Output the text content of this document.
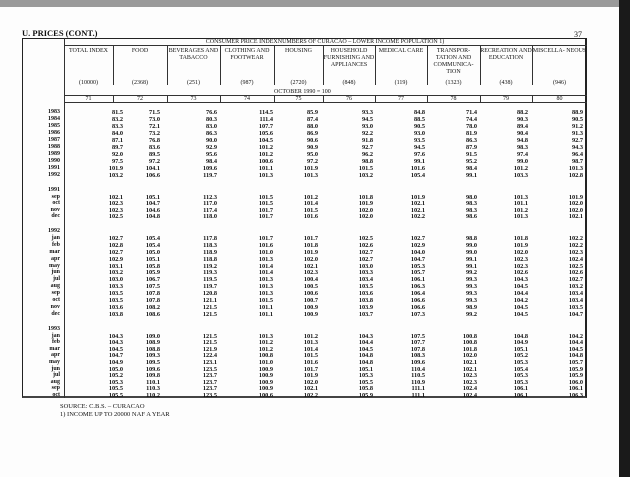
U. PRICES (CONT.)	37
CONSUMER PRICE INDEXNUMBERS OF CURACAO – LOWER INCOME POPULATION 1)
OCTOBER 1990 = 100
TOTAL INDEX
(10000)
71
FOOD
(2368)
72
BEVERAGES AND TABACCO
(251)
73
CLOTHING AND FOOTWEAR
(987)
74
HOUSING
(2720)
75
HOUSEHOLD FURNISHING AND APPLIANCES
(848)
76
MEDICAL CARE
(119)
77
TRANSPOR- TATION AND COMMUNICA- TION
(1323)
78
RECREATION AND EDUCATION
(438)
79
MISCELLA- NEOUS
(946)
80
1983	81.5	71.5	76.6	114.5	85.9	93.3	84.8	71.4	88.2	88.9
1984	83.2	73.0	80.3	111.4	87.4	94.5	88.5	74.4	90.3	90.5
1985	83.3	72.1	83.0	107.7	88.0	93.0	90.5	78.0	89.4	91.2
1986	84.0	73.2	86.3	105.6	86.9	92.2	93.0	81.9	90.4	91.3
1987	87.1	76.8	90.0	104.5	90.6	91.8	93.5	86.3	94.8	92.7
1988	89.7	83.6	92.9	101.2	90.9	92.7	94.5	87.9	98.3	94.3
1989	92.0	89.5	95.6	101.2	95.0	96.2	97.6	91.5	97.4	96.4
1990	97.5	97.2	98.4	100.6	97.2	98.8	99.1	95.2	99.0	98.7
1991	101.9	104.1	109.6	101.1	101.9	101.5	101.6	98.4	101.2	101.3
1992	103.2	106.6	119.7	101.3	101.3	103.2	105.4	99.1	103.3	102.8
1991
sep	102.1	105.1	112.3	101.5	101.2	101.8	101.9	98.0	101.3	101.9
oct	102.3	104.7	117.0	101.5	101.4	101.9	102.1	98.3	101.1	102.0
nov	102.3	104.6	117.4	101.7	101.5	102.0	102.1	98.3	101.2	102.0
dec	102.5	104.8	118.0	101.7	101.6	102.0	102.2	98.6	101.3	102.1
1992
jan	102.7	105.4	117.8	101.7	101.7	102.5	102.7	98.8	101.8	102.2
feb	102.8	105.4	118.3	101.6	101.8	102.6	102.9	99.0	101.9	102.2
mar	102.7	105.0	118.9	101.0	101.9	102.7	104.0	99.0	102.0	102.3
apr	102.9	105.1	118.8	101.3	102.0	102.7	104.7	99.1	102.3	102.4
may	103.1	105.8	119.2	101.4	102.1	103.0	105.3	99.1	102.3	102.5
jun	103.2	105.9	119.3	101.4	102.3	103.3	105.7	99.2	102.6	102.6
jul	103.0	106.7	119.5	101.3	100.4	103.4	106.1	99.3	104.3	102.7
aug	103.3	107.5	119.7	101.3	100.5	103.5	106.3	99.3	104.5	103.2
sep	103.5	107.8	120.8	101.3	100.6	103.6	106.4	99.3	104.4	103.4
oct	103.5	107.8	121.1	101.5	100.7	103.8	106.6	99.3	104.2	103.4
nov	103.6	108.2	121.5	101.1	100.9	103.9	106.6	98.9	104.5	103.5
dec	103.8	108.6	121.5	101.1	100.9	103.7	107.3	99.2	104.5	104.7
1993
jan	104.3	109.0	121.5	101.3	101.2	104.3	107.5	100.8	104.8	104.2
feb	104.3	108.9	121.5	101.2	101.3	104.4	107.7	100.8	104.9	104.4
mar	104.5	108.8	121.9	101.2	101.4	104.5	107.8	101.8	105.1	104.5
apr	104.7	109.3	122.4	100.8	101.5	104.8	108.3	102.0	105.2	104.8
may	104.9	109.5	123.1	101.0	101.6	104.8	109.6	102.1	105.3	105.7
jun	105.0	109.6	123.5	100.9	101.7	105.1	110.4	102.1	105.4	105.9
jul	105.2	109.8	123.7	100.9	101.9	105.3	110.5	102.3	105.3	105.9
aug	105.3	110.1	123.7	100.9	102.0	105.5	110.9	102.3	105.3	106.0
sep	105.5	110.3	123.7	100.9	102.1	105.8	111.1	102.4	106.1	106.1
oct	105.5	110.2	123.5	100.6	102.2	105.9	111.1	102.4	106.1	106.3
SOURCE: C.B.S. – CURACAO
1) INCOME UP TO 20000 NAF A YEAR
